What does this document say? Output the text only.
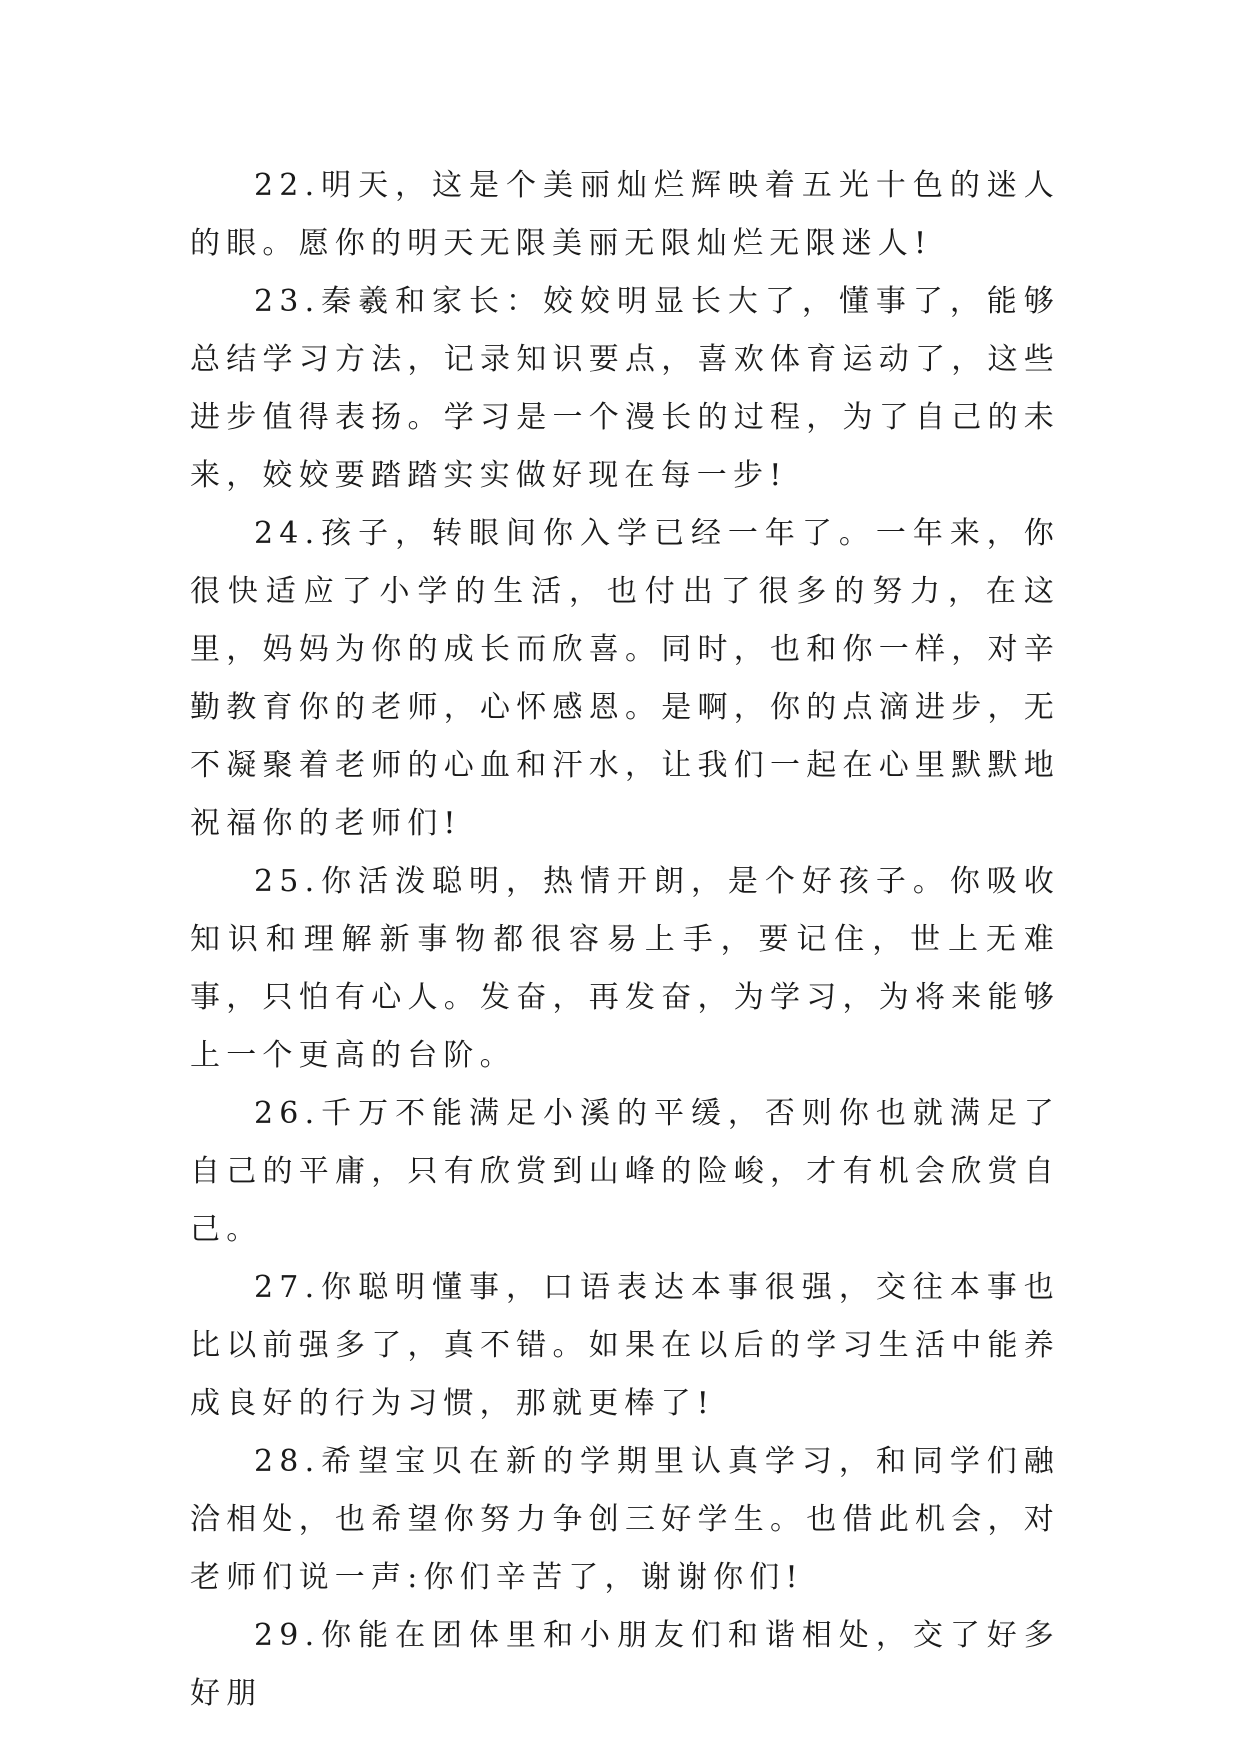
22.明天，这是个美丽灿烂辉映着五光十色的迷人的眼。愿你的明天无限美丽无限灿烂无限迷人!

23.秦羲和家长：姣姣明显长大了，懂事了，能够总结学习方法，记录知识要点，喜欢体育运动了，这些进步值得表扬。学习是一个漫长的过程，为了自己的未来，姣姣要踏踏实实做好现在每一步!

24.孩子，转眼间你入学已经一年了。一年来，你很快适应了小学的生活，也付出了很多的努力，在这里，妈妈为你的成长而欣喜。同时，也和你一样，对辛勤教育你的老师，心怀感恩。是啊，你的点滴进步，无不凝聚着老师的心血和汗水，让我们一起在心里默默地祝福你的老师们!

25.你活泼聪明，热情开朗，是个好孩子。你吸收知识和理解新事物都很容易上手，要记住，世上无难事，只怕有心人。发奋，再发奋，为学习，为将来能够上一个更高的台阶。

26.千万不能满足小溪的平缓，否则你也就满足了自己的平庸，只有欣赏到山峰的险峻，才有机会欣赏自己。

27.你聪明懂事，口语表达本事很强，交往本事也比以前强多了，真不错。如果在以后的学习生活中能养成良好的行为习惯，那就更棒了!

28.希望宝贝在新的学期里认真学习，和同学们融洽相处，也希望你努力争创三好学生。也借此机会，对老师们说一声:你们辛苦了，谢谢你们!

29.你能在团体里和小朋友们和谐相处，交了好多好朋
